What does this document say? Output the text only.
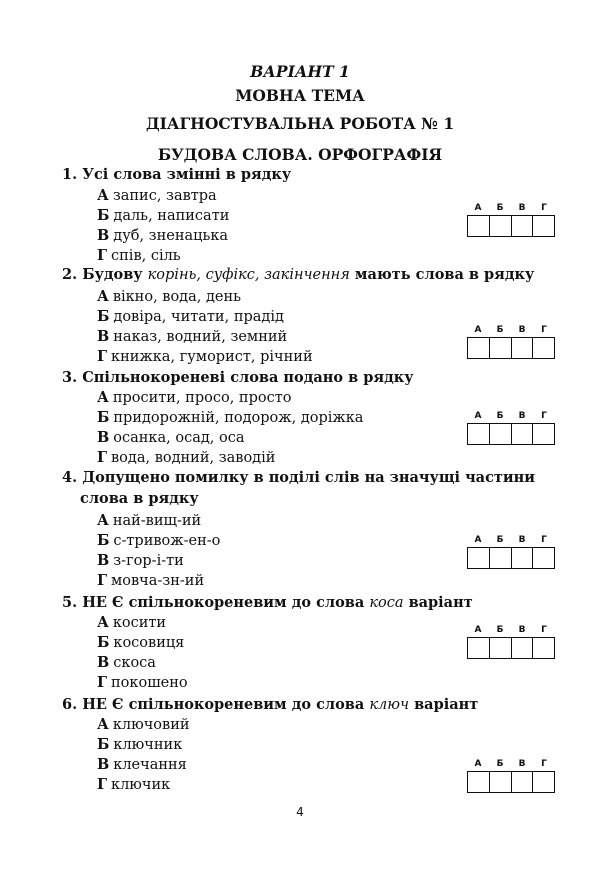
ВАРІАНТ 1
МОВНА ТЕМА
ДІАГНОСТУВАЛЬНА РОБОТА № 1
БУДОВА СЛОВА. ОРФОГРАФІЯ
1. Усі слова змінні в рядку
А запис, завтра
Б даль, написати
В дуб, зненацька
Г спів, сіль
А	Б	В	Г
2. Будову корінь, суфікс, закінчення мають слова в рядку
А вікно, вода, день
Б довіра, читати, прадід
В наказ, водний, земний
Г книжка, гуморист, річний
А	Б	В	Г
3. Спільнокореневі слова подано в рядку
А просити, просо, просто
Б придорожній, подорож, доріжка
В осанка, осад, оса
Г вода, водний, заводій
А	Б	В	Г
4. Допущено помилку в поділі слів на значущі частини
слова в рядку
А най-вищ-ий
Б с-тривож-ен-о
В з-гор-і-ти
Г мовча-зн-ий
А	Б	В	Г
5. НЕ Є спільнокореневим до слова коса варіант
А косити
Б косовиця
В скоса
Г покошено
А	Б	В	Г
6. НЕ Є спільнокореневим до слова ключ варіант
А ключовий
Б ключник
В клечання
Г ключик
А	Б	В	Г
4
